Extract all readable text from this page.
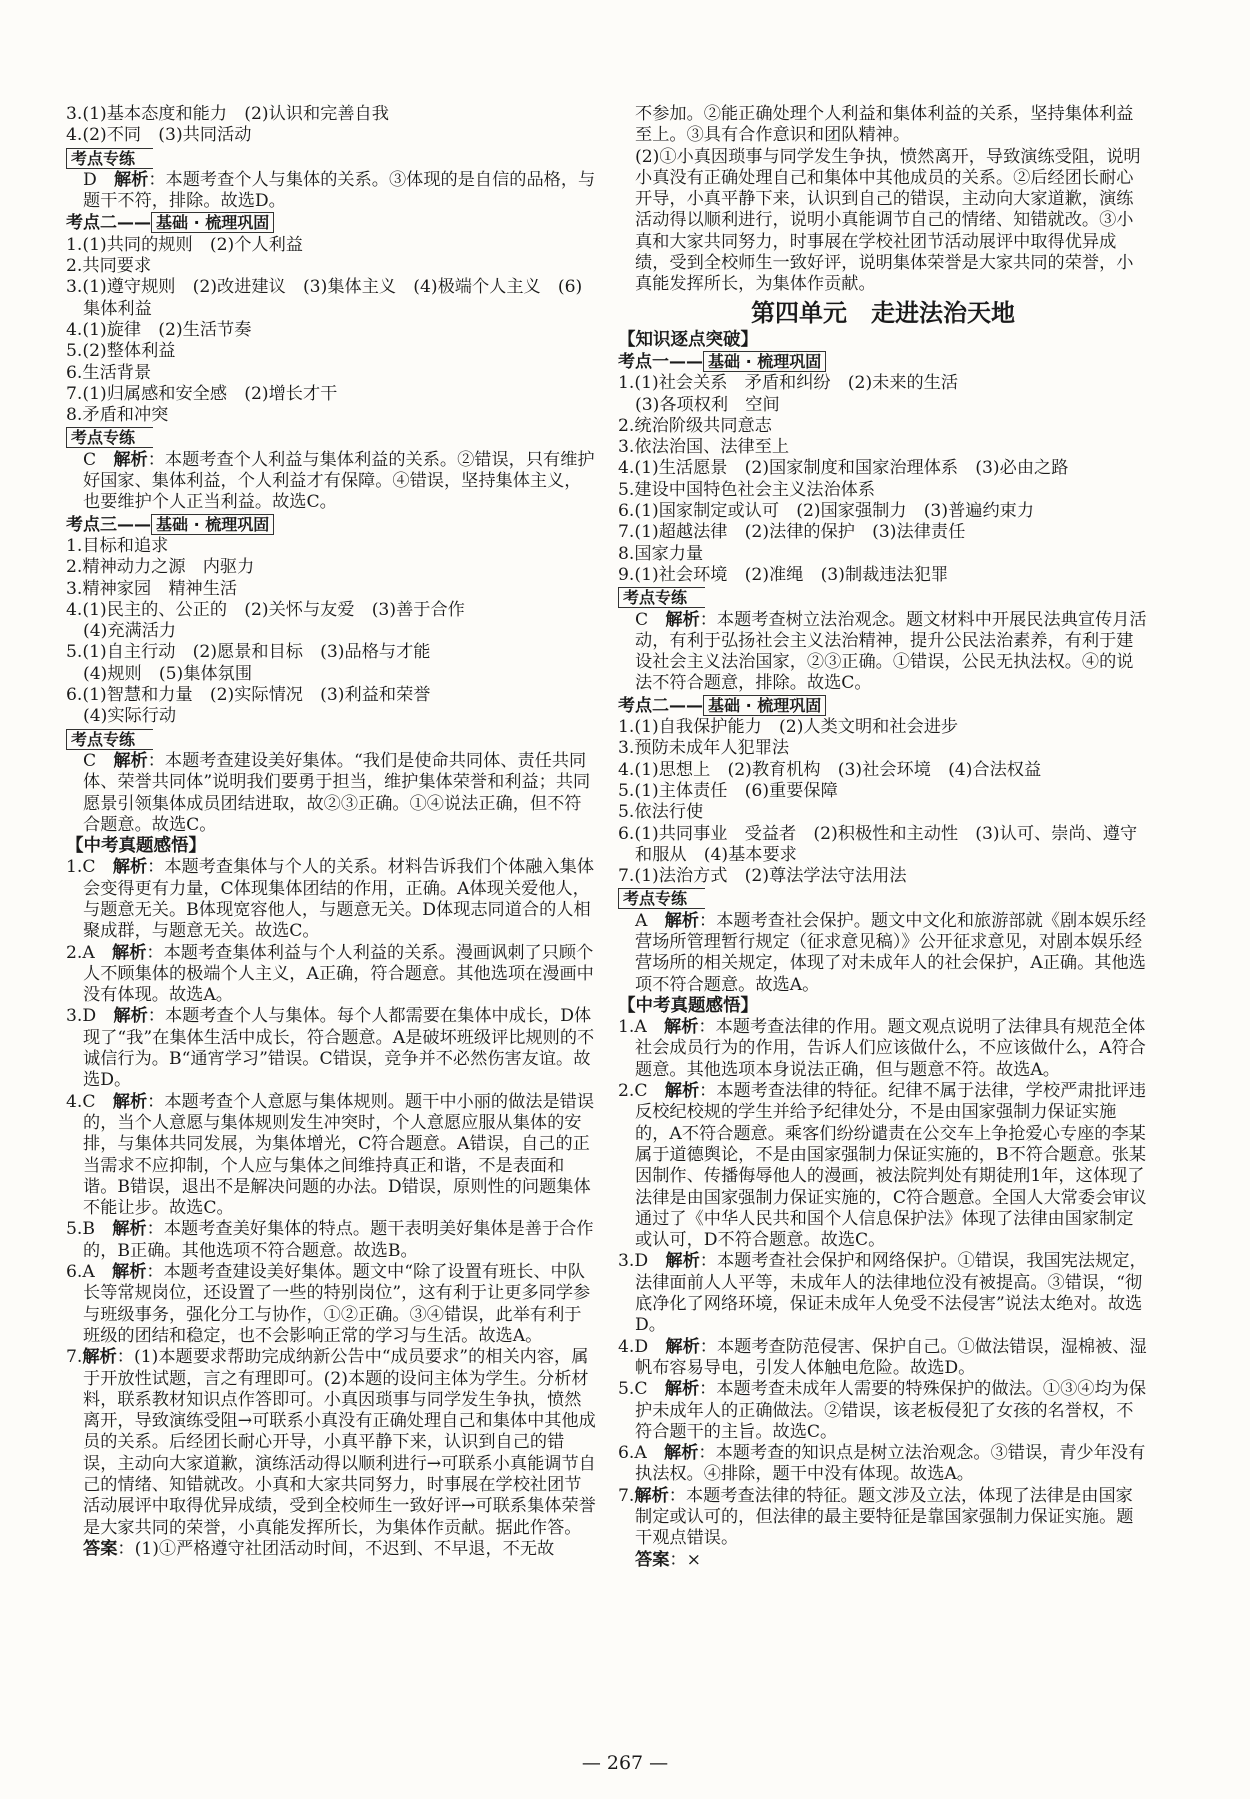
3.(1)基本态度和能力　(2)认识和完善自我

4.(2)不同　(3)共同活动

考点专练

D  解析：本题考查个人与集体的关系。③体现的是自信的品格，与题干不符，排除。故选D。

考点二—— 基础 · 梳理巩固

1.(1)共同的规则　(2)个人利益

2.共同要求

3.(1)遵守规则　(2)改进建议　(3)集体主义　(4)极端个人主义　(6)集体利益

4.(1)旋律　(2)生活节奏

5.(2)整体利益

6.生活背景

7.(1)归属感和安全感　(2)增长才干

8.矛盾和冲突

考点专练

C  解析：本题考查个人利益与集体利益的关系。②错误，只有维护好国家、集体利益，个人利益才有保障。④错误，坚持集体主义，也要维护个人正当利益。故选C。

考点三—— 基础 · 梳理巩固

1.目标和追求

2.精神动力之源　内驱力

3.精神家园　精神生活

4.(1)民主的、公正的　(2)关怀与友爱　(3)善于合作

(4)充满活力

5.(1)自主行动　(2)愿景和目标　(3)品格与才能

(4)规则　(5)集体氛围

6.(1)智慧和力量　(2)实际情况　(3)利益和荣誉

(4)实际行动

考点专练

C  解析：本题考查建设美好集体。“我们是使命共同体、责任共同体、荣誉共同体”说明我们要勇于担当，维护集体荣誉和利益；共同愿景引领集体成员团结进取，故②③正确。①④说法正确，但不符合题意。故选C。

【中考真题感悟】

1.C  解析：本题考查集体与个人的关系。材料告诉我们个体融入集体会变得更有力量，C体现集体团结的作用，正确。A体现关爱他人，与题意无关。B体现宽容他人，与题意无关。D体现志同道合的人相聚成群，与题意无关。故选C。

2.A  解析：本题考查集体利益与个人利益的关系。漫画讽刺了只顾个人不顾集体的极端个人主义，A正确，符合题意。其他选项在漫画中没有体现。故选A。

3.D  解析：本题考查个人与集体。每个人都需要在集体中成长，D体现了“我”在集体生活中成长，符合题意。A是破坏班级评比规则的不诚信行为。B“通宵学习”错误。C错误，竞争并不必然伤害友谊。故选D。

4.C  解析：本题考查个人意愿与集体规则。题干中小丽的做法是错误的，当个人意愿与集体规则发生冲突时，个人意愿应服从集体的安排，与集体共同发展，为集体增光，C符合题意。A错误，自己的正当需求不应抑制，个人应与集体之间维持真正和谐，不是表面和谐。B错误，退出不是解决问题的办法。D错误，原则性的问题集体不能让步。故选C。

5.B  解析：本题考查美好集体的特点。题干表明美好集体是善于合作的，B正确。其他选项不符合题意。故选B。

6.A  解析：本题考查建设美好集体。题文中“除了设置有班长、中队长等常规岗位，还设置了一些的特别岗位”，这有利于让更多同学参与班级事务，强化分工与协作，①②正确。③④错误，此举有利于班级的团结和稳定，也不会影响正常的学习与生活。故选A。

7.解析：(1)本题要求帮助完成纳新公告中“成员要求”的相关内容，属于开放性试题，言之有理即可。(2)本题的设问主体为学生。分析材料，联系教材知识点作答即可。小真因琐事与同学发生争执，愤然离开，导致演练受阻→可联系小真没有正确处理自己和集体中其他成员的关系。后经团长耐心开导，小真平静下来，认识到自己的错误，主动向大家道歉，演练活动得以顺利进行→可联系小真能调节自己的情绪、知错就改。小真和大家共同努力，时事展在学校社团节活动展评中取得优异成绩，受到全校师生一致好评→可联系集体荣誉是大家共同的荣誉，小真能发挥所长，为集体作贡献。据此作答。

答案：(1)①严格遵守社团活动时间，不迟到、不早退，不无故

不参加。②能正确处理个人利益和集体利益的关系，坚持集体利益至上。③具有合作意识和团队精神。

(2)①小真因琐事与同学发生争执，愤然离开，导致演练受阻，说明小真没有正确处理自己和集体中其他成员的关系。②后经团长耐心开导，小真平静下来，认识到自己的错误，主动向大家道歉，演练活动得以顺利进行，说明小真能调节自己的情绪、知错就改。③小真和大家共同努力，时事展在学校社团节活动展评中取得优异成绩，受到全校师生一致好评，说明集体荣誉是大家共同的荣誉，小真能发挥所长，为集体作贡献。

第四单元　走进法治天地

【知识逐点突破】

考点一—— 基础 · 梳理巩固

1.(1)社会关系　矛盾和纠纷　(2)未来的生活

(3)各项权利　空间

2.统治阶级共同意志

3.依法治国、法律至上

4.(1)生活愿景　(2)国家制度和国家治理体系　(3)必由之路

5.建设中国特色社会主义法治体系

6.(1)国家制定或认可　(2)国家强制力　(3)普遍约束力

7.(1)超越法律　(2)法律的保护　(3)法律责任

8.国家力量

9.(1)社会环境　(2)准绳　(3)制裁违法犯罪

考点专练

C  解析：本题考查树立法治观念。题文材料中开展民法典宣传月活动，有利于弘扬社会主义法治精神，提升公民法治素养，有利于建设社会主义法治国家，②③正确。①错误，公民无执法权。④的说法不符合题意，排除。故选C。

考点二—— 基础 · 梳理巩固

1.(1)自我保护能力　(2)人类文明和社会进步

3.预防未成年人犯罪法

4.(1)思想上　(2)教育机构　(3)社会环境　(4)合法权益

5.(1)主体责任　(6)重要保障

5.依法行使

6.(1)共同事业　受益者　(2)积极性和主动性　(3)认可、崇尚、遵守和服从　(4)基本要求

7.(1)法治方式　(2)尊法学法守法用法

考点专练

A  解析：本题考查社会保护。题文中文化和旅游部就《剧本娱乐经营场所管理暂行规定（征求意见稿）》公开征求意见，对剧本娱乐经营场所的相关规定，体现了对未成年人的社会保护，A正确。其他选项不符合题意。故选A。

【中考真题感悟】

1.A  解析：本题考查法律的作用。题文观点说明了法律具有规范全体社会成员行为的作用，告诉人们应该做什么，不应该做什么，A符合题意。其他选项本身说法正确，但与题意不符。故选A。

2.C  解析：本题考查法律的特征。纪律不属于法律，学校严肃批评违反校纪校规的学生并给予纪律处分，不是由国家强制力保证实施的，A不符合题意。乘客们纷纷谴责在公交车上争抢爱心专座的李某属于道德舆论，不是由国家强制力保证实施的，B不符合题意。张某因制作、传播侮辱他人的漫画，被法院判处有期徒刑1年，这体现了法律是由国家强制力保证实施的，C符合题意。全国人大常委会审议通过了《中华人民共和国个人信息保护法》体现了法律由国家制定或认可，D不符合题意。故选C。

3.D  解析：本题考查社会保护和网络保护。①错误，我国宪法规定，法律面前人人平等，未成年人的法律地位没有被提高。③错误，“彻底净化了网络环境，保证未成年人免受不法侵害”说法太绝对。故选D。

4.D  解析：本题考查防范侵害、保护自己。①做法错误，湿棉被、湿帆布容易导电，引发人体触电危险。故选D。

5.C  解析：本题考查未成年人需要的特殊保护的做法。①③④均为保护未成年人的正确做法。②错误，该老板侵犯了女孩的名誉权，不符合题干的主旨。故选C。

6.A  解析：本题考查的知识点是树立法治观念。③错误，青少年没有执法权。④排除，题干中没有体现。故选A。

7.解析：本题考查法律的特征。题文涉及立法，体现了法律是由国家制定或认可的，但法律的最主要特征是靠国家强制力保证实施。题干观点错误。

答案：×

— 267 —
